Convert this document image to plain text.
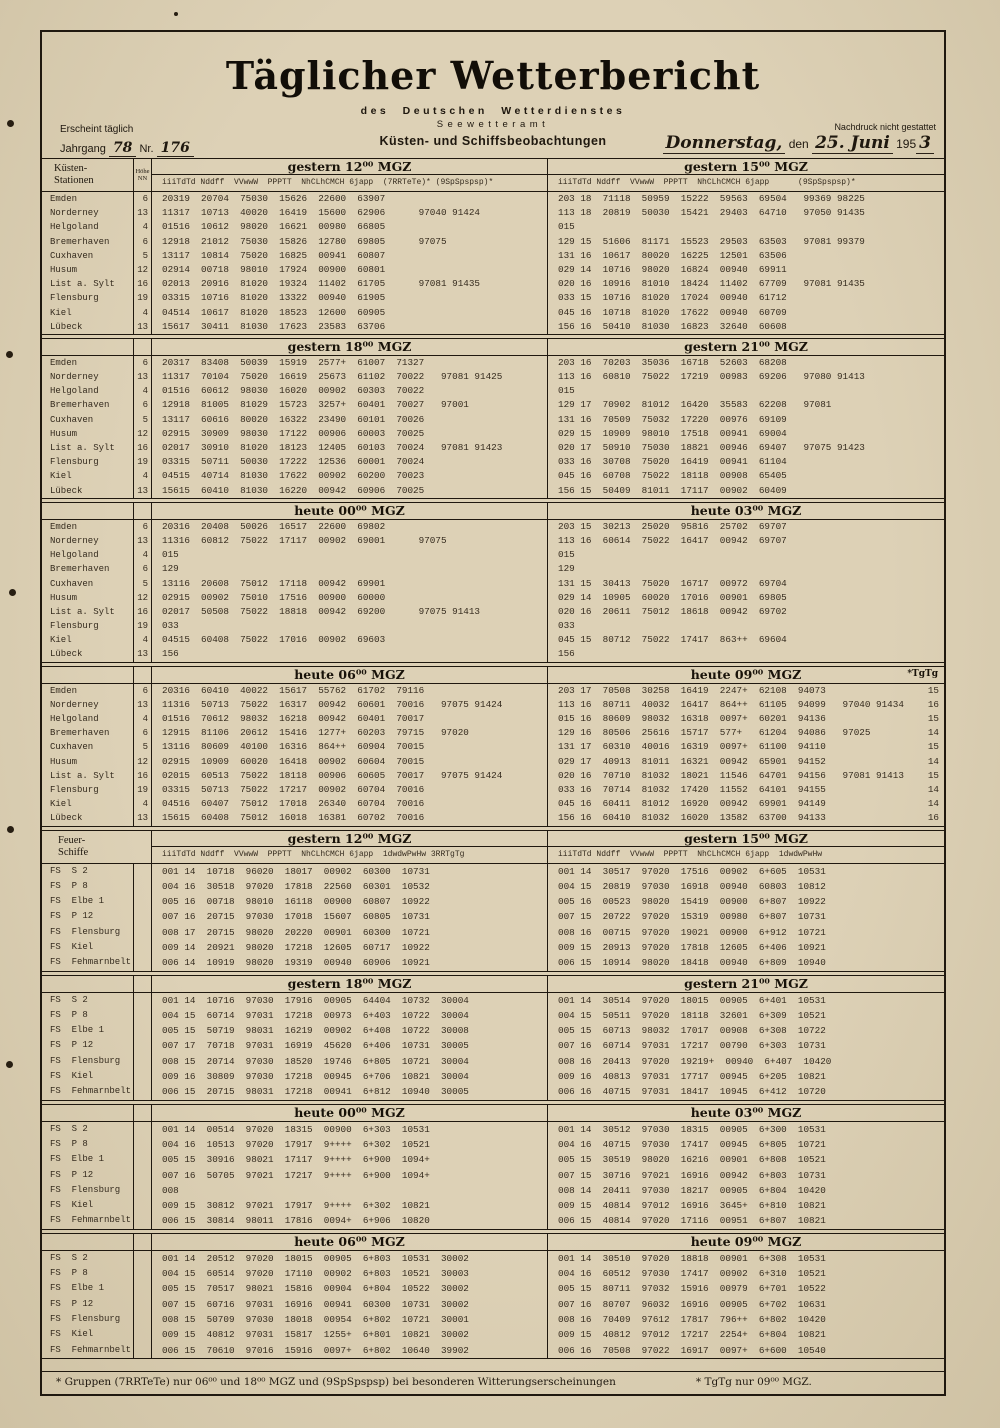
Täglicher Wetterbericht
des Deutschen Wetterdienstes
Seewetteramt
Küsten- und Schiffsbeobachtungen
Erscheint täglich
Jahrgang 78 Nr. 176
Nachdruck nicht gestattet
Donnerstag, den 25. Juni 195 3
Küsten-
Stationen
Höhe
NN
gestern 12⁰⁰ MGZ
iiiTdTd Nddff  VVwwW  PPPTT  NhCLhCMCH 6japp  (7RRTeTe)* (9SpSpspsp)*
gestern 15⁰⁰ MGZ
iiiTdTd Nddff  VVwwW  PPPTT  NhCLhCMCH 6japp      (9SpSpspsp)*
Emden	6	20319  20704  75030  15626  22600  63907	203 18  71118  50959  15222  59563  69504   99369 98225
Norderney	13	11317  10713  40020  16419  15600  62906      97040 91424	113 18  20819  50030  15421  29403  64710   97050 91435
Helgoland	4	01516  10612  98020  16621  00980  66805	015
Bremerhaven	6	12918  21012  75030  15826  12780  69805      97075	129 15  51606  81171  15523  29503  63503   97081 99379
Cuxhaven	5	13117  10814  75020  16825  00941  60807	131 16  10617  80020  16225  12501  63506
Husum	12	02914  00718  98010  17924  00900  60801	029 14  10716  98020  16824  00940  69911
List a. Sylt	16	02013  20916  81020  19324  11402  61705      97081 91435	020 16  10916  81010  18424  11402  67709   97081 91435
Flensburg	19	03315  10716  81020  13322  00940  61905	033 15  10716  81020  17024  00940  61712
Kiel	4	04514  10617  81020  18523  12600  60905	045 16  10718  81020  17622  00940  60709
Lübeck	13	15617  30411  81030  17623  23583  63706	156 16  50410  81030  16823  32640  60608
gestern 18⁰⁰ MGZ	gestern 21⁰⁰ MGZ
Emden	6	20317  83408  50039  15919  2577+  61007  71327	203 16  70203  35036  16718  52603  68208
Norderney	13	11317  70104  75020  16619  25673  61102  70022   97081 91425	113 16  60810  75022  17219  00983  69206   97080 91413
Helgoland	4	01516  60612  98030  16020  00902  60303  70022	015
Bremerhaven	6	12918  81005  81029  15723  3257+  60401  70027   97001	129 17  70902  81012  16420  35583  62208   97081
Cuxhaven	5	13117  60616  80020  16322  23490  60101  70026	131 16  70509  75032  17220  00976  69109
Husum	12	02915  30909  98030  17122  00906  60003  70025	029 15  10909  98010  17518  00941  69004
List a. Sylt	16	02017  30910  81020  18123  12405  60103  70024   97081 91423	020 17  50910  75030  18821  00946  69407   97075 91423
Flensburg	19	03315  50711  50030  17222  12536  60001  70024	033 16  30708  75020  16419  00941  61104
Kiel	4	04515  40714  81030  17622  00902  60200  70023	045 16  60708  75022  18118  00908  65405
Lübeck	13	15615  60410  81030  16220  00942  60906  70025	156 15  50409  81011  17117  00902  60409
heute 00⁰⁰ MGZ	heute 03⁰⁰ MGZ
Emden	6	20316  20408  50026  16517  22600  69802	203 15  30213  25020  95816  25702  69707
Norderney	13	11316  60812  75022  17117  00902  69001      97075	113 16  60614  75022  16417  00942  69707
Helgoland	4	015	015
Bremerhaven	6	129	129
Cuxhaven	5	13116  20608  75012  17118  00942  69901	131 15  30413  75020  16717  00972  69704
Husum	12	02915  00902  75010  17516  00900  60000	029 14  10905  60020  17016  00901  69805
List a. Sylt	16	02017  50508  75022  18818  00942  69200      97075 91413	020 16  20611  75012  18618  00942  69702
Flensburg	19	033	033
Kiel	4	04515  60408  75022  17016  00902  69603	045 15  80712  75022  17417  863++  69604
Lübeck	13	156	156
heute 06⁰⁰ MGZ	heute 09⁰⁰ MGZ	*TgTg
Emden	6	20316  60410  40022  15617  55762  61702  79116	203 17  70508  30258  16419  2247+  62108  94073	15
Norderney	13	11316  50713  75022  16317  00942  60601  70016   97075 91424	113 16  80711  40032  16417  864++  61105  94099   97040 91434	16
Helgoland	4	01516  70612  98032  16218  00942  60401  70017	015 16  80609  98032  16318  0097+  60201  94136	15
Bremerhaven	6	12915  81106  20612  15416  1277+  60203  79715   97020	129 16  80506  25616  15717  577+   61204  94086   97025	14
Cuxhaven	5	13116  80609  40100  16316  864++  60904  70015	131 17  60310  40016  16319  0097+  61100  94110	15
Husum	12	02915  10909  60020  16418  00902  60604  70015	029 17  40913  81011  16321  00942  65901  94152	14
List a. Sylt	16	02015  60513  75022  18118  00906  60605  70017   97075 91424	020 16  70710  81032  18021  11546  64701  94156   97081 91413	15
Flensburg	19	03315  50713  75022  17217  00902  60704  70016	033 16  70714  81032  17420  11552  64101  94155	14
Kiel	4	04516  60407  75012  17018  26340  60704  70016	045 16  60411  81012  16920  00942  69901  94149	14
Lübeck	13	15615  60408  75012  16018  16381  60702  70016	156 16  60410  81032  16020  13582  63700  94133	16
Feuer-
Schiffe
gestern 12⁰⁰ MGZ
iiiTdTd Nddff  VVwwW  PPPTT  NhCLhCMCH 6japp  1dwdwPwHw 3RRTgTg
gestern 15⁰⁰ MGZ
iiiTdTd Nddff  VVwwW  PPPTT  NhCLhCMCH 6japp  1dwdwPwHw
FS  S 2	001 14  10718  96020  18017  00902  60300  10731	001 14  30517  97020  17516  00902  6+605  10531
FS  P 8	004 16  30518  97020  17818  22560  60301  10532	004 15  20819  97030  16918  00940  60803  10812
FS  Elbe 1	005 16  00718  98010  16118  00900  60807  10922	005 16  00523  98020  15419  00900  6+807  10922
FS  P 12	007 16  20715  97030  17018  15607  60805  10731	007 15  20722  97020  15319  00980  6+807  10731
FS  Flensburg	008 17  20715  98020  20220  00901  60300  10721	008 16  00715  97020  19021  00900  6+912  10721
FS  Kiel	009 14  20921  98020  17218  12605  60717  10922	009 15  20913  97020  17818  12605  6+406  10921
FS  Fehmarnbelt	006 14  10919  98020  19319  00940  60906  10921	006 15  10914  98020  18418  00940  6+809  10940
gestern 18⁰⁰ MGZ	gestern 21⁰⁰ MGZ
FS  S 2	001 14  10716  97030  17916  00905  64404  10732  30004	001 14  30514  97020  18015  00905  6+401  10531
FS  P 8	004 15  60714  97031  17218  00973  6+403  10722  30004	004 15  50511  97020  18118  32601  6+309  10521
FS  Elbe 1	005 15  50719  98031  16219  00902  6+408  10722  30008	005 15  60713  98032  17017  00908  6+308  10722
FS  P 12	007 17  70718  97031  16919  45620  6+406  10731  30005	007 16  60714  97031  17217  00790  6+303  10731
FS  Flensburg	008 15  20714  97030  18520  19746  6+805  10721  30004	008 16  20413  97020  19219+  00940  6+407  10420
FS  Kiel	009 16  30809  97030  17218  00945  6+706  10821  30004	009 16  40813  97031  17717  00945  6+205  10821
FS  Fehmarnbelt	006 15  20715  98031  17218  00941  6+812  10940  30005	006 16  40715  97031  18417  10945  6+412  10720
heute 00⁰⁰ MGZ	heute 03⁰⁰ MGZ
FS  S 2	001 14  00514  97020  18315  00900  6+303  10531	001 14  30512  97030  18315  00905  6+300  10531
FS  P 8	004 16  10513  97020  17917  9++++  6+302  10521	004 16  40715  97030  17417  00945  6+805  10721
FS  Elbe 1	005 15  30916  98021  17117  9++++  6+900  1094+	005 15  30519  98020  16216  00901  6+808  10521
FS  P 12	007 16  50705  97021  17217  9++++  6+900  1094+	007 15  30716  97021  16916  00942  6+803  10731
FS  Flensburg	008	008 14  20411  97030  18217  00905  6+804  10420
FS  Kiel	009 15  30812  97021  17917  9++++  6+302  10821	009 15  40814  97012  16916  3645+  6+810  10821
FS  Fehmarnbelt	006 15  30814  98011  17816  0094+  6+906  10820	006 15  40814  97020  17116  00951  6+807  10821
heute 06⁰⁰ MGZ	heute 09⁰⁰ MGZ
FS  S 2	001 14  20512  97020  18015  00905  6+803  10531  30002	001 14  30510  97020  18818  00901  6+308  10531
FS  P 8	004 15  60514  97020  17110  00902  6+803  10521  30003	004 16  60512  97030  17417  00902  6+310  10521
FS  Elbe 1	005 15  70517  98021  15816  00904  6+804  10522  30002	005 15  80711  97032  15916  00979  6+701  10522
FS  P 12	007 15  60716  97031  16916  00941  60300  10731  30002	007 16  80707  96032  16916  00905  6+702  10631
FS  Flensburg	008 15  50709  97030  18018  00954  6+802  10721  30001	008 16  70409  97612  17817  796++  6+802  10420
FS  Kiel	009 15  40812  97031  15817  1255+  6+801  10821  30002	009 15  40812  97012  17217  2254+  6+804  10821
FS  Fehmarnbelt	006 15  70610  97016  15916  0097+  6+802  10640  39902	006 16  70508  97022  16917  0097+  6+600  10540
* Gruppen (7RRTeTe) nur 06⁰⁰ und 18⁰⁰ MGZ und (9SpSpspsp) bei besonderen Witterungserscheinungen	* TgTg nur 09⁰⁰ MGZ.
